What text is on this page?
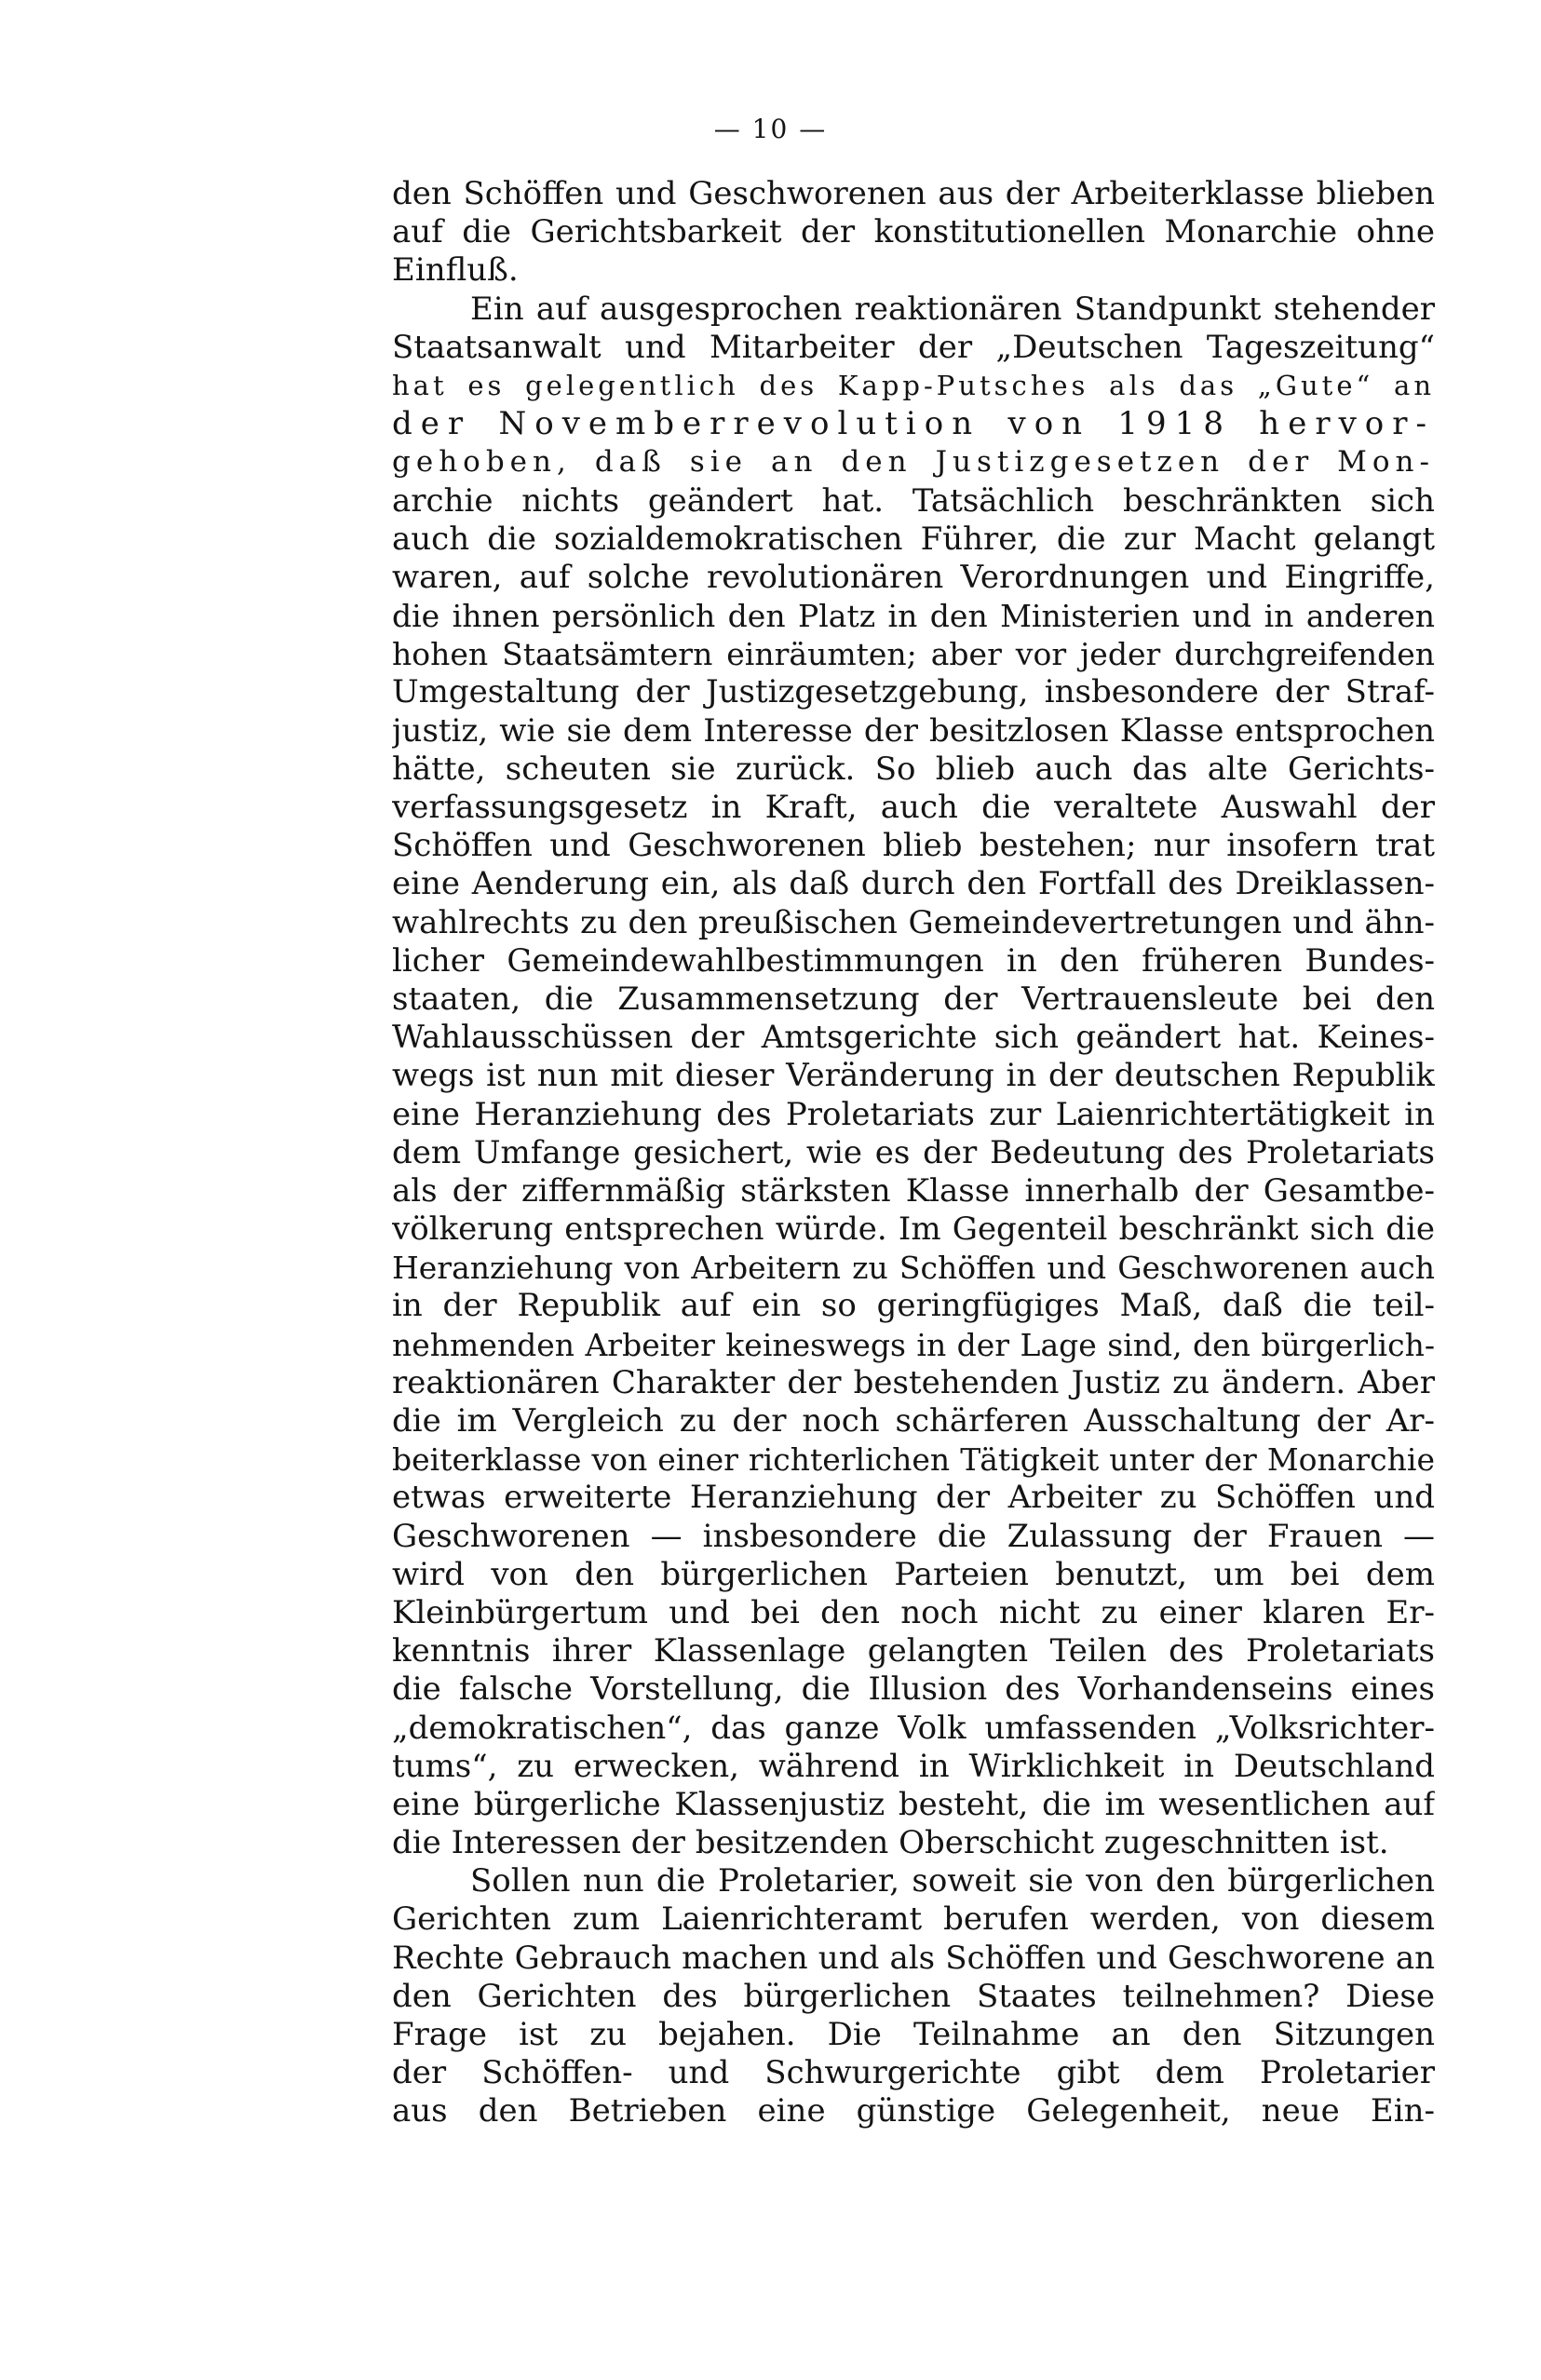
— 10 —
den Schöffen und Geschworenen aus der Arbeiterklasse blieben
auf die Gerichtsbarkeit der konstitutionellen Monarchie ohne
Einfluß.
Ein auf ausgesprochen reaktionären Standpunkt stehender
Staatsanwalt und Mitarbeiter der „Deutschen Tageszeitung“
hat es gelegentlich des Kapp-Putsches als das „Gute“ an
der Novemberrevolution von 1918 hervor-
gehoben, daß sie an den Justizgesetzen der Mon-
archie nichts geändert hat. Tatsächlich beschränkten sich
auch die sozialdemokratischen Führer, die zur Macht gelangt
waren, auf solche revolutionären Verordnungen und Eingriffe,
die ihnen persönlich den Platz in den Ministerien und in anderen
hohen Staatsämtern einräumten; aber vor jeder durchgreifenden
Umgestaltung der Justizgesetzgebung, insbesondere der Straf-
justiz, wie sie dem Interesse der besitzlosen Klasse entsprochen
hätte, scheuten sie zurück. So blieb auch das alte Gerichts-
verfassungsgesetz in Kraft, auch die veraltete Auswahl der
Schöffen und Geschworenen blieb bestehen; nur insofern trat
eine Aenderung ein, als daß durch den Fortfall des Dreiklassen-
wahlrechts zu den preußischen Gemeindevertretungen und ähn-
licher Gemeindewahlbestimmungen in den früheren Bundes-
staaten, die Zusammensetzung der Vertrauensleute bei den
Wahlausschüssen der Amtsgerichte sich geändert hat. Keines-
wegs ist nun mit dieser Veränderung in der deutschen Republik
eine Heranziehung des Proletariats zur Laienrichtertätigkeit in
dem Umfange gesichert, wie es der Bedeutung des Proletariats
als der ziffernmäßig stärksten Klasse innerhalb der Gesamtbe-
völkerung entsprechen würde. Im Gegenteil beschränkt sich die
Heranziehung von Arbeitern zu Schöffen und Geschworenen auch
in der Republik auf ein so geringfügiges Maß, daß die teil-
nehmenden Arbeiter keineswegs in der Lage sind, den bürgerlich-
reaktionären Charakter der bestehenden Justiz zu ändern. Aber
die im Vergleich zu der noch schärferen Ausschaltung der Ar-
beiterklasse von einer richterlichen Tätigkeit unter der Monarchie
etwas erweiterte Heranziehung der Arbeiter zu Schöffen und
Geschworenen — insbesondere die Zulassung der Frauen —
wird von den bürgerlichen Parteien benutzt, um bei dem
Kleinbürgertum und bei den noch nicht zu einer klaren Er-
kenntnis ihrer Klassenlage gelangten Teilen des Proletariats
die falsche Vorstellung, die Illusion des Vorhandenseins eines
„demokratischen“, das ganze Volk umfassenden „Volksrichter-
tums“, zu erwecken, während in Wirklichkeit in Deutschland
eine bürgerliche Klassenjustiz besteht, die im wesentlichen auf
die Interessen der besitzenden Oberschicht zugeschnitten ist.
Sollen nun die Proletarier, soweit sie von den bürgerlichen
Gerichten zum Laienrichteramt berufen werden, von diesem
Rechte Gebrauch machen und als Schöffen und Geschworene an
den Gerichten des bürgerlichen Staates teilnehmen? Diese
Frage ist zu bejahen. Die Teilnahme an den Sitzungen
der Schöffen- und Schwurgerichte gibt dem Proletarier
aus den Betrieben eine günstige Gelegenheit, neue Ein-
